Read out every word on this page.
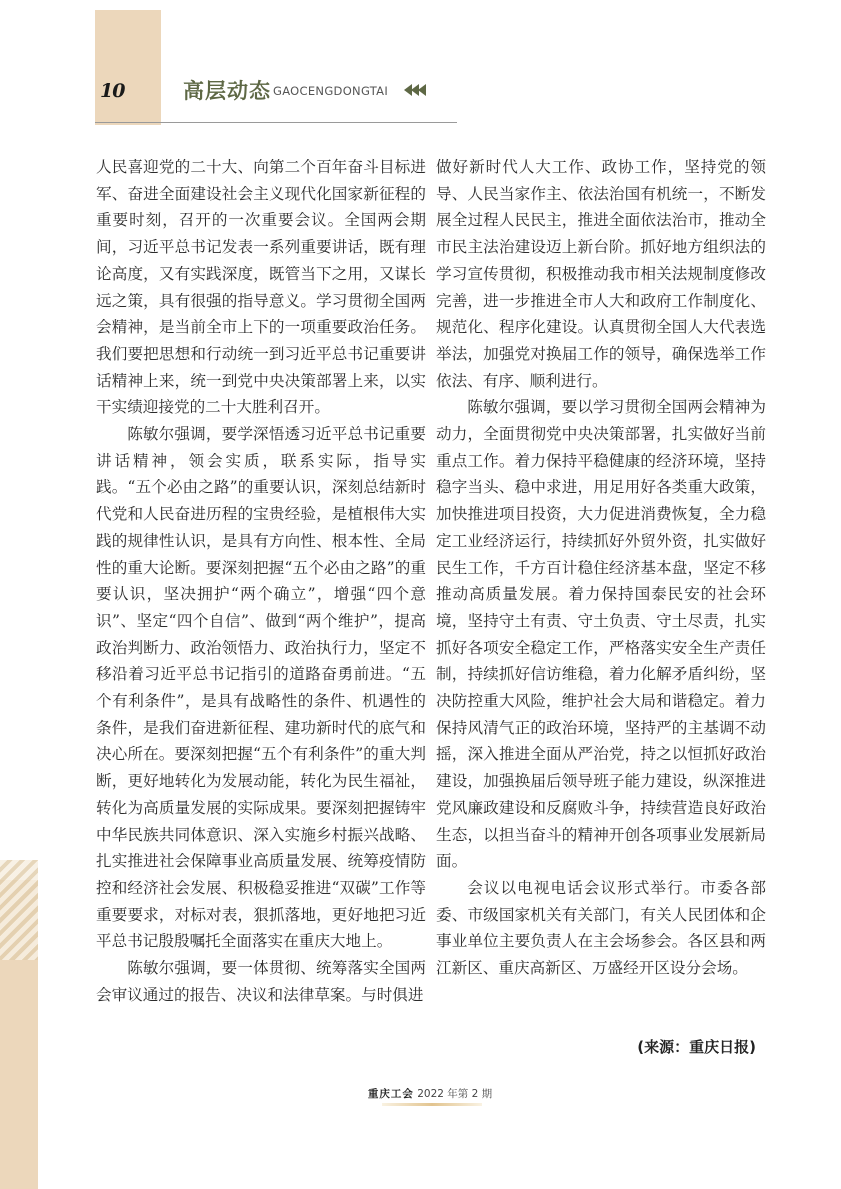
10	高层动态 GAOCENGDONGTAI

人民喜迎党的二十大、向第二个百年奋斗目标进军、奋进全面建设社会主义现代化国家新征程的重要时刻，召开的一次重要会议。全国两会期间，习近平总书记发表一系列重要讲话，既有理论高度，又有实践深度，既管当下之用，又谋长远之策，具有很强的指导意义。学习贯彻全国两会精神，是当前全市上下的一项重要政治任务。我们要把思想和行动统一到习近平总书记重要讲话精神上来，统一到党中央决策部署上来，以实干实绩迎接党的二十大胜利召开。

陈敏尔强调，要学深悟透习近平总书记重要讲话精神，领会实质，联系实际，指导实践。“五个必由之路”的重要认识，深刻总结新时代党和人民奋进历程的宝贵经验，是植根伟大实践的规律性认识，是具有方向性、根本性、全局性的重大论断。要深刻把握“五个必由之路”的重要认识，坚决拥护“两个确立”，增强“四个意识”、坚定“四个自信”、做到“两个维护”，提高政治判断力、政治领悟力、政治执行力，坚定不移沿着习近平总书记指引的道路奋勇前进。“五个有利条件”，是具有战略性的条件、机遇性的条件，是我们奋进新征程、建功新时代的底气和决心所在。要深刻把握“五个有利条件”的重大判断，更好地转化为发展动能，转化为民生福祉，转化为高质量发展的实际成果。要深刻把握铸牢中华民族共同体意识、深入实施乡村振兴战略、扎实推进社会保障事业高质量发展、统筹疫情防控和经济社会发展、积极稳妥推进“双碳”工作等重要要求，对标对表，狠抓落地，更好地把习近平总书记殷殷嘱托全面落实在重庆大地上。

陈敏尔强调，要一体贯彻、统筹落实全国两会审议通过的报告、决议和法律草案。与时俱进

做好新时代人大工作、政协工作，坚持党的领导、人民当家作主、依法治国有机统一，不断发展全过程人民民主，推进全面依法治市，推动全市民主法治建设迈上新台阶。抓好地方组织法的学习宣传贯彻，积极推动我市相关法规制度修改完善，进一步推进全市人大和政府工作制度化、规范化、程序化建设。认真贯彻全国人大代表选举法，加强党对换届工作的领导，确保选举工作依法、有序、顺利进行。

陈敏尔强调，要以学习贯彻全国两会精神为动力，全面贯彻党中央决策部署，扎实做好当前重点工作。着力保持平稳健康的经济环境，坚持稳字当头、稳中求进，用足用好各类重大政策，加快推进项目投资，大力促进消费恢复，全力稳定工业经济运行，持续抓好外贸外资，扎实做好民生工作，千方百计稳住经济基本盘，坚定不移推动高质量发展。着力保持国泰民安的社会环境，坚持守土有责、守土负责、守土尽责，扎实抓好各项安全稳定工作，严格落实安全生产责任制，持续抓好信访维稳，着力化解矛盾纠纷，坚决防控重大风险，维护社会大局和谐稳定。着力保持风清气正的政治环境，坚持严的主基调不动摇，深入推进全面从严治党，持之以恒抓好政治建设，加强换届后领导班子能力建设，纵深推进党风廉政建设和反腐败斗争，持续营造良好政治生态，以担当奋斗的精神开创各项事业发展新局面。

会议以电视电话会议形式举行。市委各部委、市级国家机关有关部门，有关人民团体和企事业单位主要负责人在主会场参会。各区县和两江新区、重庆高新区、万盛经开区设分会场。

(来源：重庆日报)
重庆工会 2022 年第 2 期
